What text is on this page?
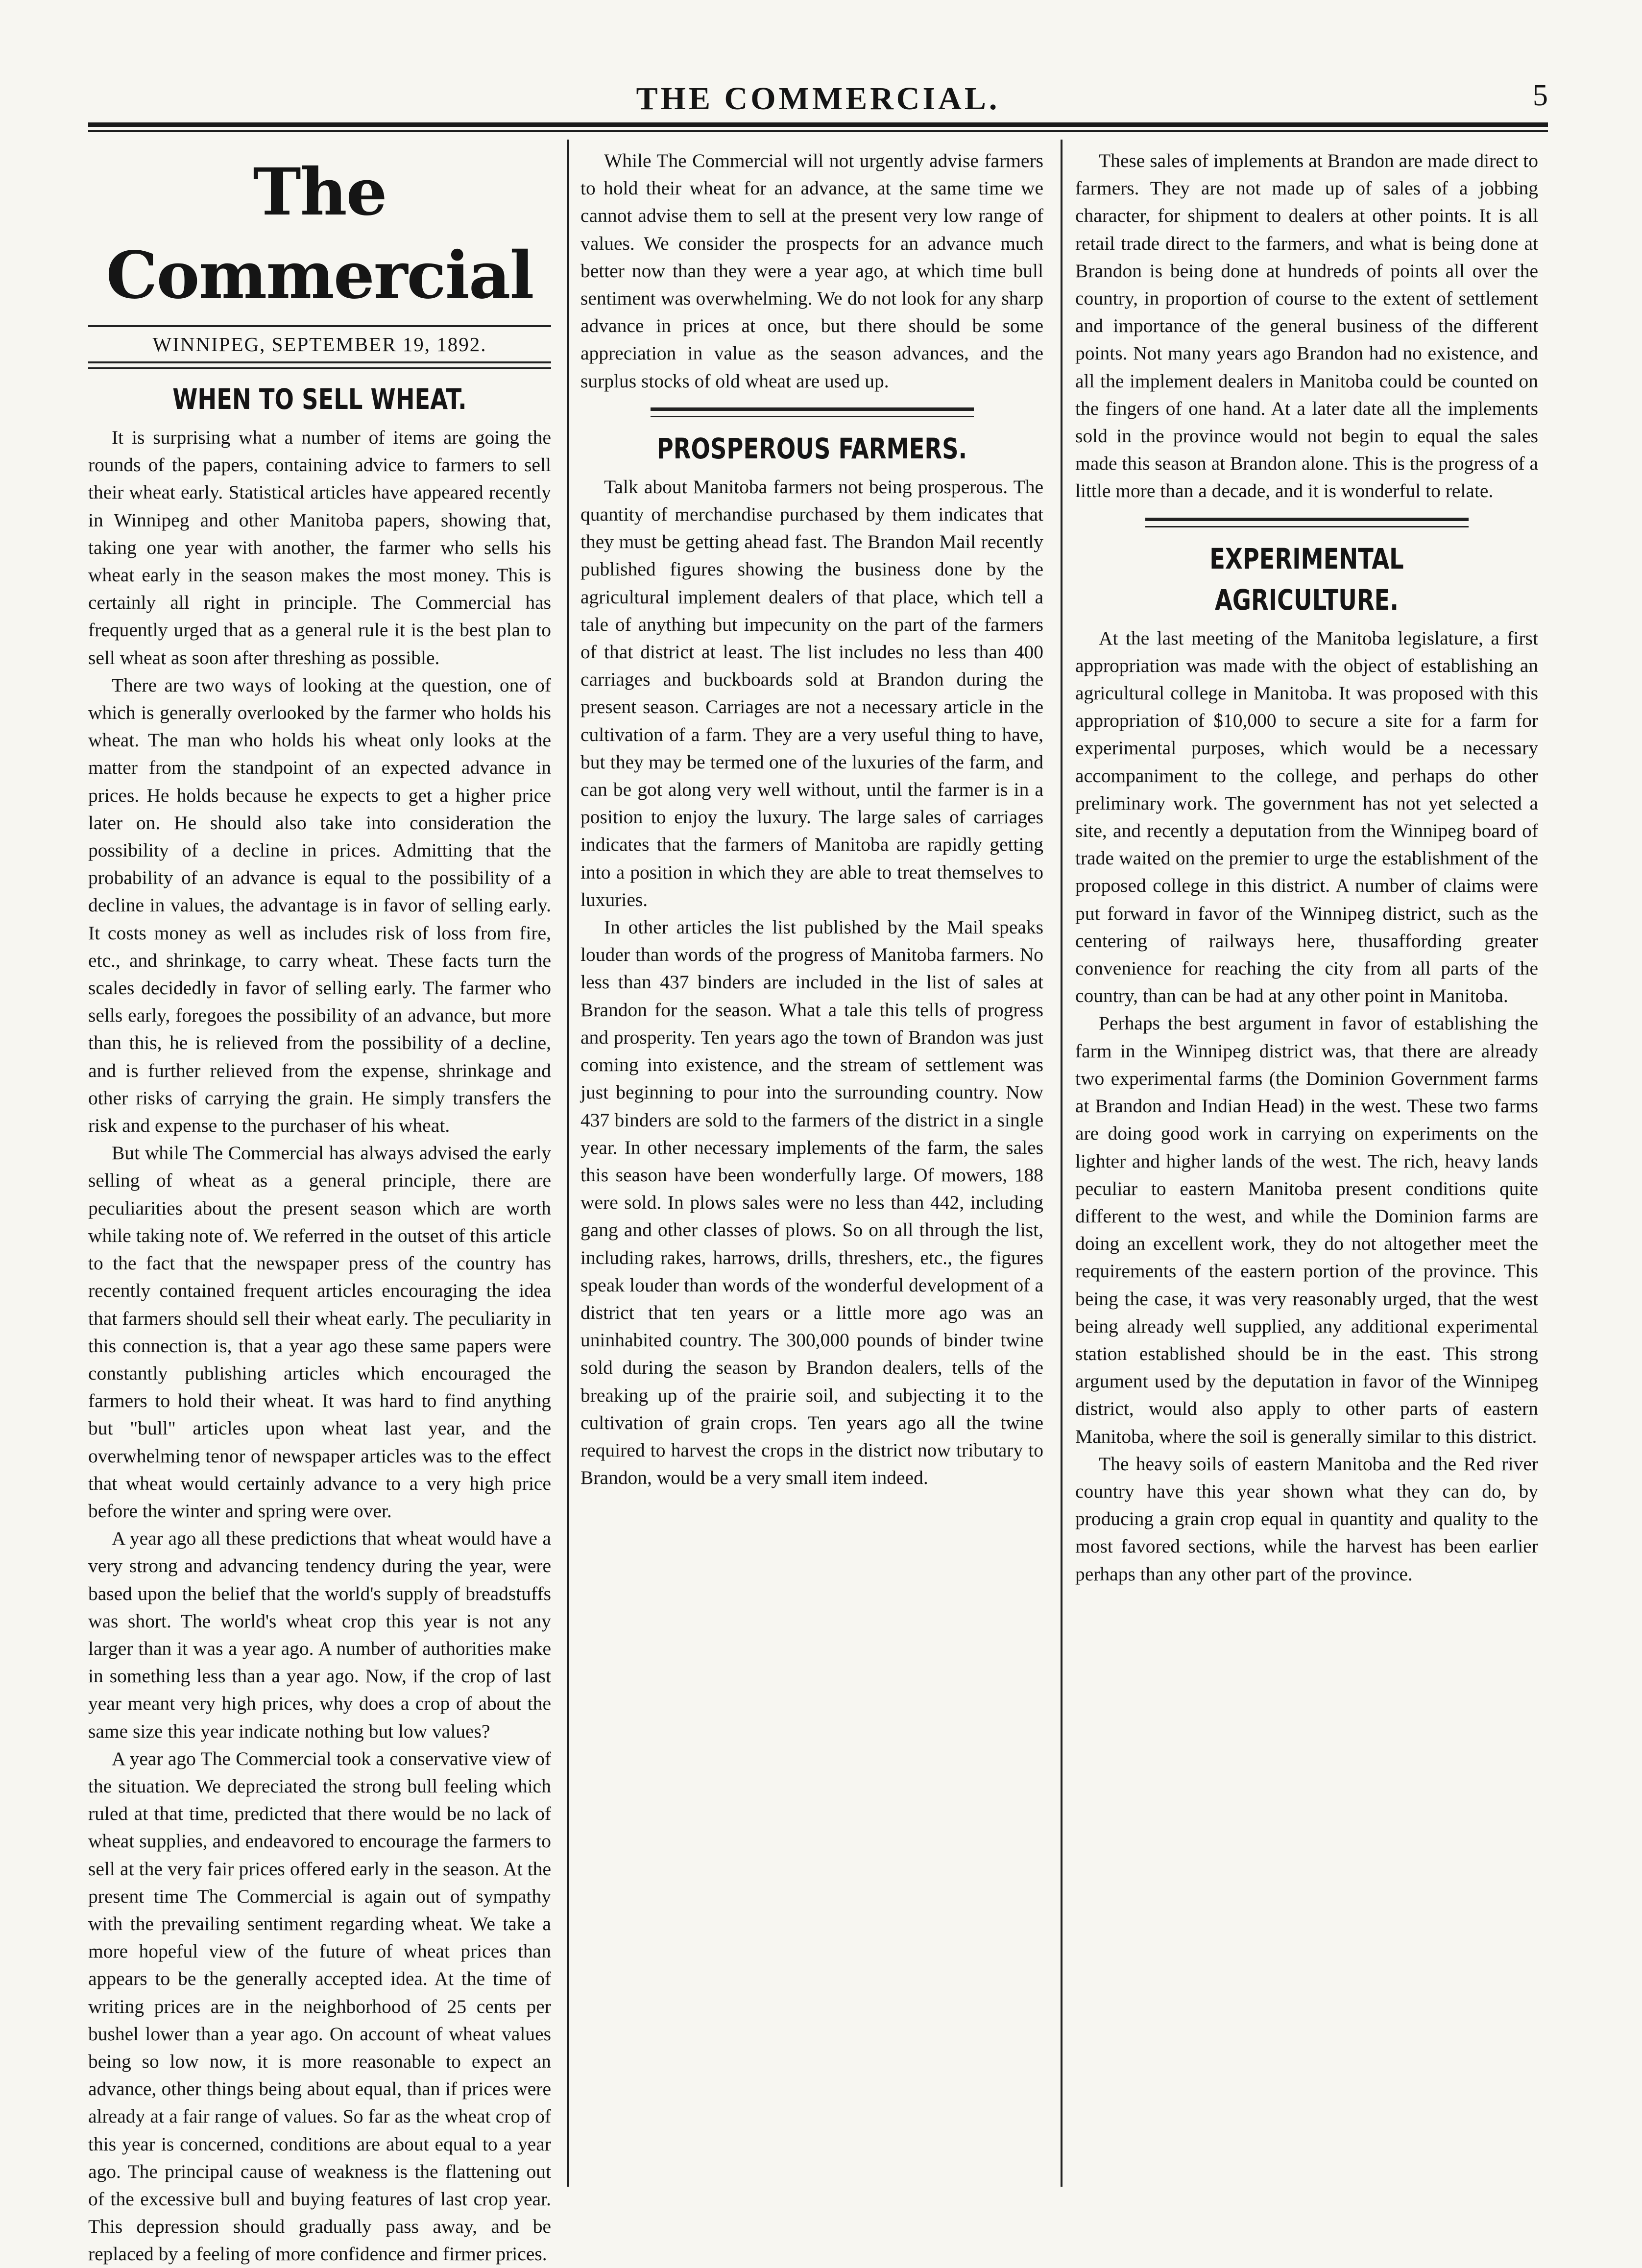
THE COMMERCIAL.	5
The Commercial
WINNIPEG, SEPTEMBER 19, 1892.
WHEN TO SELL WHEAT.

It is surprising what a number of items are going the rounds of the papers, containing advice to farmers to sell their wheat early. Statistical articles have appeared recently in Winnipeg and other Manitoba papers, showing that, taking one year with another, the farmer who sells his wheat early in the season makes the most money. This is certainly all right in principle. The Commercial has frequently urged that as a general rule it is the best plan to sell wheat as soon after threshing as possible.

There are two ways of looking at the question, one of which is generally overlooked by the farmer who holds his wheat. The man who holds his wheat only looks at the matter from the standpoint of an expected advance in prices. He holds because he expects to get a higher price later on. He should also take into consideration the possibility of a decline in prices. Admitting that the probability of an advance is equal to the possibility of a decline in values, the advantage is in favor of selling early. It costs money as well as includes risk of loss from fire, etc., and shrinkage, to carry wheat. These facts turn the scales decidedly in favor of selling early. The farmer who sells early, foregoes the possibility of an advance, but more than this, he is relieved from the possibility of a decline, and is further relieved from the expense, shrinkage and other risks of carrying the grain. He simply transfers the risk and expense to the purchaser of his wheat.

But while The Commercial has always advised the early selling of wheat as a general principle, there are peculiarities about the present season which are worth while taking note of. We referred in the outset of this article to the fact that the newspaper press of the country has recently contained frequent articles encouraging the idea that farmers should sell their wheat early. The peculiarity in this connection is, that a year ago these same papers were constantly publishing articles which encouraged the farmers to hold their wheat. It was hard to find anything but "bull" articles upon wheat last year, and the overwhelming tenor of newspaper articles was to the effect that wheat would certainly advance to a very high price before the winter and spring were over.

A year ago all these predictions that wheat would have a very strong and advancing tendency during the year, were based upon the belief that the world's supply of breadstuffs was short. The world's wheat crop this year is not any larger than it was a year ago. A number of authorities make in something less than a year ago. Now, if the crop of last year meant very high prices, why does a crop of about the same size this year indicate nothing but low values?

A year ago The Commercial took a conservative view of the situation. We depreciated the strong bull feeling which ruled at that time, predicted that there would be no lack of wheat supplies, and endeavored to encourage the farmers to sell at the very fair prices offered early in the season. At the present time The Commercial is again out of sympathy with the prevailing sentiment regarding wheat. We take a more hopeful view of the future of wheat prices than appears to be the generally accepted idea. At the time of writing prices are in the neighborhood of 25 cents per bushel lower than a year ago. On account of wheat values being so low now, it is more reasonable to expect an advance, other things being about equal, than if prices were already at a fair range of values. So far as the wheat crop of this year is concerned, conditions are about equal to a year ago. The principal cause of weakness is the flattening out of the excessive bull and buying features of last crop year. This depression should gradually pass away, and be replaced by a feeling of more confidence and firmer prices.

While The Commercial will not urgently advise farmers to hold their wheat for an advance, at the same time we cannot advise them to sell at the present very low range of values. We consider the prospects for an advance much better now than they were a year ago, at which time bull sentiment was overwhelming. We do not look for any sharp advance in prices at once, but there should be some appreciation in value as the season advances, and the surplus stocks of old wheat are used up.

PROSPEROUS FARMERS.

Talk about Manitoba farmers not being prosperous. The quantity of merchandise purchased by them indicates that they must be getting ahead fast. The Brandon Mail recently published figures showing the business done by the agricultural implement dealers of that place, which tell a tale of anything but impecunity on the part of the farmers of that district at least. The list includes no less than 400 carriages and buckboards sold at Brandon during the present season. Carriages are not a necessary article in the cultivation of a farm. They are a very useful thing to have, but they may be termed one of the luxuries of the farm, and can be got along very well without, until the farmer is in a position to enjoy the luxury. The large sales of carriages indicates that the farmers of Manitoba are rapidly getting into a position in which they are able to treat themselves to luxuries.

In other articles the list published by the Mail speaks louder than words of the progress of Manitoba farmers. No less than 437 binders are included in the list of sales at Brandon for the season. What a tale this tells of progress and prosperity. Ten years ago the town of Brandon was just coming into existence, and the stream of settlement was just beginning to pour into the surrounding country. Now 437 binders are sold to the farmers of the district in a single year. In other necessary implements of the farm, the sales this season have been wonderfully large. Of mowers, 188 were sold. In plows sales were no less than 442, including gang and other classes of plows. So on all through the list, including rakes, harrows, drills, threshers, etc., the figures speak louder than words of the wonderful development of a district that ten years or a little more ago was an uninhabited country. The 300,000 pounds of binder twine sold during the season by Brandon dealers, tells of the breaking up of the prairie soil, and subjecting it to the cultivation of grain crops. Ten years ago all the twine required to harvest the crops in the district now tributary to Brandon, would be a very small item indeed.

These sales of implements at Brandon are made direct to farmers. They are not made up of sales of a jobbing character, for shipment to dealers at other points. It is all retail trade direct to the farmers, and what is being done at Brandon is being done at hundreds of points all over the country, in proportion of course to the extent of settlement and importance of the general business of the different points. Not many years ago Brandon had no existence, and all the implement dealers in Manitoba could be counted on the fingers of one hand. At a later date all the implements sold in the province would not begin to equal the sales made this season at Brandon alone. This is the progress of a little more than a decade, and it is wonderful to relate.

EXPERIMENTAL AGRICULTURE.

At the last meeting of the Manitoba legislature, a first appropriation was made with the object of establishing an agricultural college in Manitoba. It was proposed with this appropriation of $10,000 to secure a site for a farm for experimental purposes, which would be a necessary accompaniment to the college, and perhaps do other preliminary work. The government has not yet selected a site, and recently a deputation from the Winnipeg board of trade waited on the premier to urge the establishment of the proposed college in this district. A number of claims were put forward in favor of the Winnipeg district, such as the centering of railways here, thusaffording greater convenience for reaching the city from all parts of the country, than can be had at any other point in Manitoba.

Perhaps the best argument in favor of establishing the farm in the Winnipeg district was, that there are already two experimental farms (the Dominion Government farms at Brandon and Indian Head) in the west. These two farms are doing good work in carrying on experiments on the lighter and higher lands of the west. The rich, heavy lands peculiar to eastern Manitoba present conditions quite different to the west, and while the Dominion farms are doing an excellent work, they do not altogether meet the requirements of the eastern portion of the province. This being the case, it was very reasonably urged, that the west being already well supplied, any additional experimental station established should be in the east. This strong argument used by the deputation in favor of the Winnipeg district, would also apply to other parts of eastern Manitoba, where the soil is generally similar to this district.

The heavy soils of eastern Manitoba and the Red river country have this year shown what they can do, by producing a grain crop equal in quantity and quality to the most favored sections, while the harvest has been earlier perhaps than any other part of the province.
